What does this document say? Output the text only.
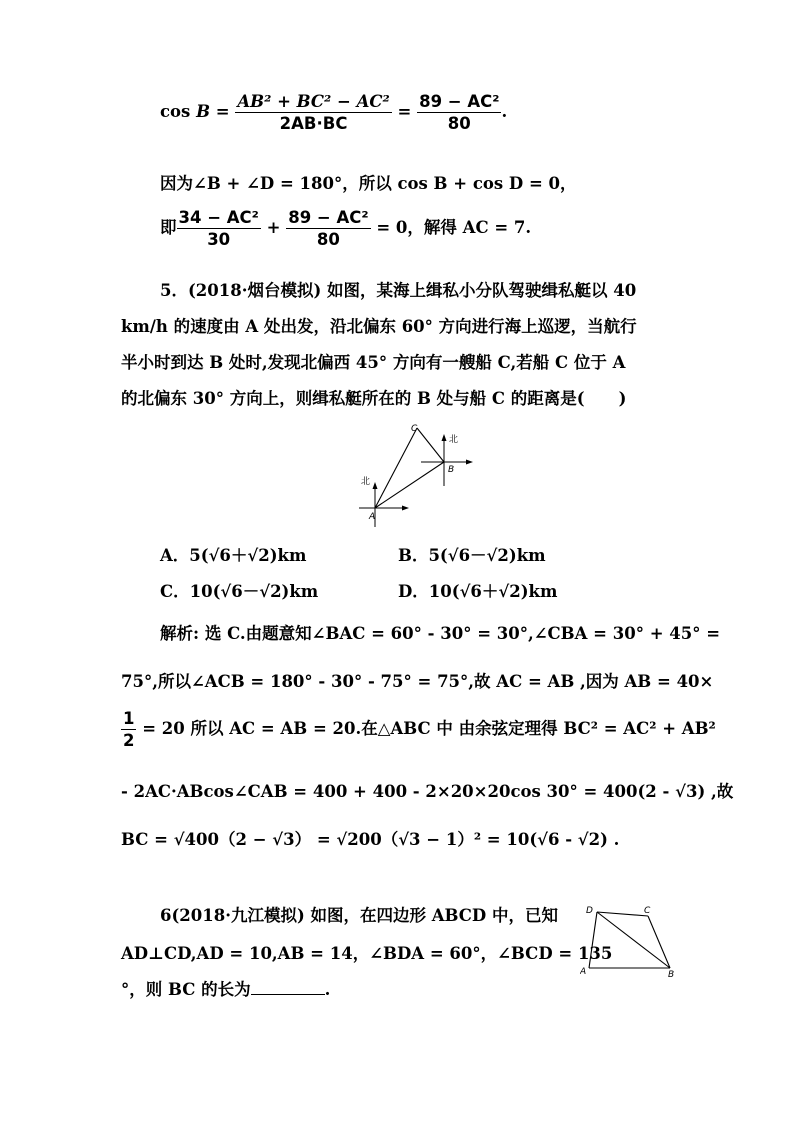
$\cos B = \frac{\text{AB² + BC² − AC²}}{2AB\cdot BC} = \frac{\text{89 − AC²}}{80}$ .
因为∠B + ∠D = 180°，所以 cos B + cos D = 0，
即 $\frac{\text{34 − AC²}}{30} + \frac{\text{89 − AC²}}{80} = 0$，解得 AC = 7.
5．(2018·烟台模拟) 如图，某海上缉私小分队驾驶缉私艇以 40
km/h 的速度由 A 处出发，沿北偏东 60° 方向进行海上巡逻，当航行
半小时到达 B 处时,发现北偏西 45° 方向有一艘船 C,若船 C 位于 A
的北偏东 30° 方向上，则缉私艇所在的 B 处与船 C 的距离是( )
C
B
A
北
北
A．5(√6＋√2)km	B．5(√6－√2)km
C．10(√6－√2)km	D．10(√6＋√2)km
解析: 选 C.由题意知∠BAC = 60° - 30° = 30°,∠CBA = 30° + 45° =
75°,所以∠ACB = 180° - 30° - 75° = 75°,故 AC = AB ,因为 AB = 40×
$\frac{1}{2} = 20$ 所以 AC = AB = 20.在△ABC 中 由余弦定理得 BC² = AC² + AB²
- 2AC·ABcos∠CAB = 400 + 400 - 2×20×20cos 30° = 400(2 - √3) ,故
BC = √400（2 − √3） = √200（√3 − 1）² = 10(√6 - √2) .
6(2018·九江模拟) 如图，在四边形 ABCD 中，已知
AD⊥CD,AD = 10,AB = 14，∠BDA = 60°，∠BCD = 135
°，则 BC 的长为	.
D	C
A	B
